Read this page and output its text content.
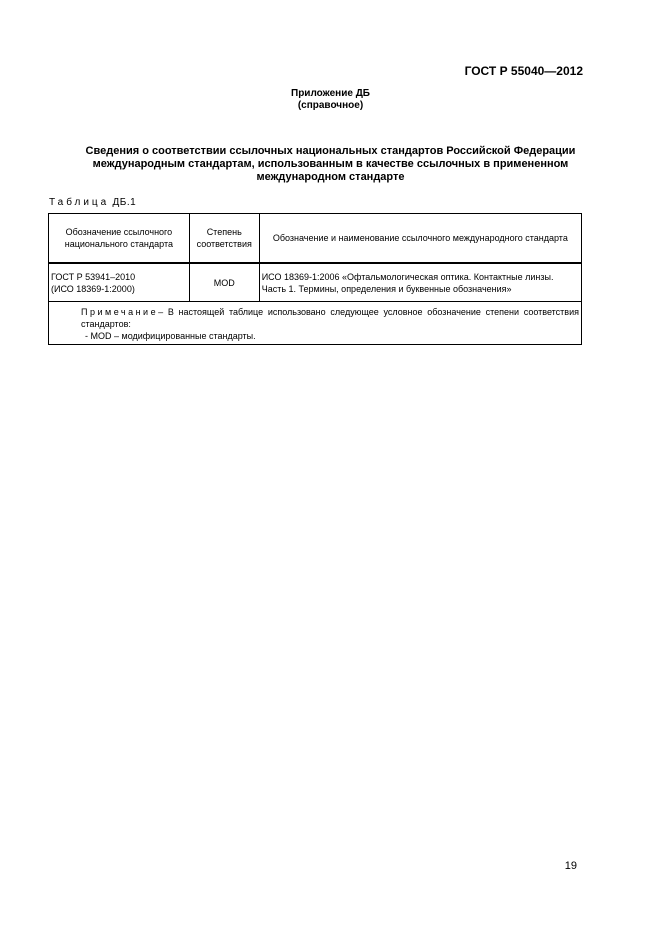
ГОСТ Р 55040—2012
Приложение ДБ
(справочное)
Сведения о соответствии ссылочных национальных стандартов Российской Федерации международным стандартам, использованным в качестве ссылочных в примененном международном стандарте
Таблица ДБ.1
Обозначение ссылочного национального стандарта	Степень соответствия	Обозначение и наименование ссылочного международного стандарта

ГОСТ Р 53941–2010
(ИСО 18369-1:2000)	MOD	ИСО 18369-1:2006 «Офтальмологическая оптика. Контактные линзы. Часть 1. Термины, определения и буквенные обозначения»

Примечание– В настоящей таблице использовано следующее условное обозначение степени соответствия стандартов:
- MOD – модифицированные стандарты.		
19
